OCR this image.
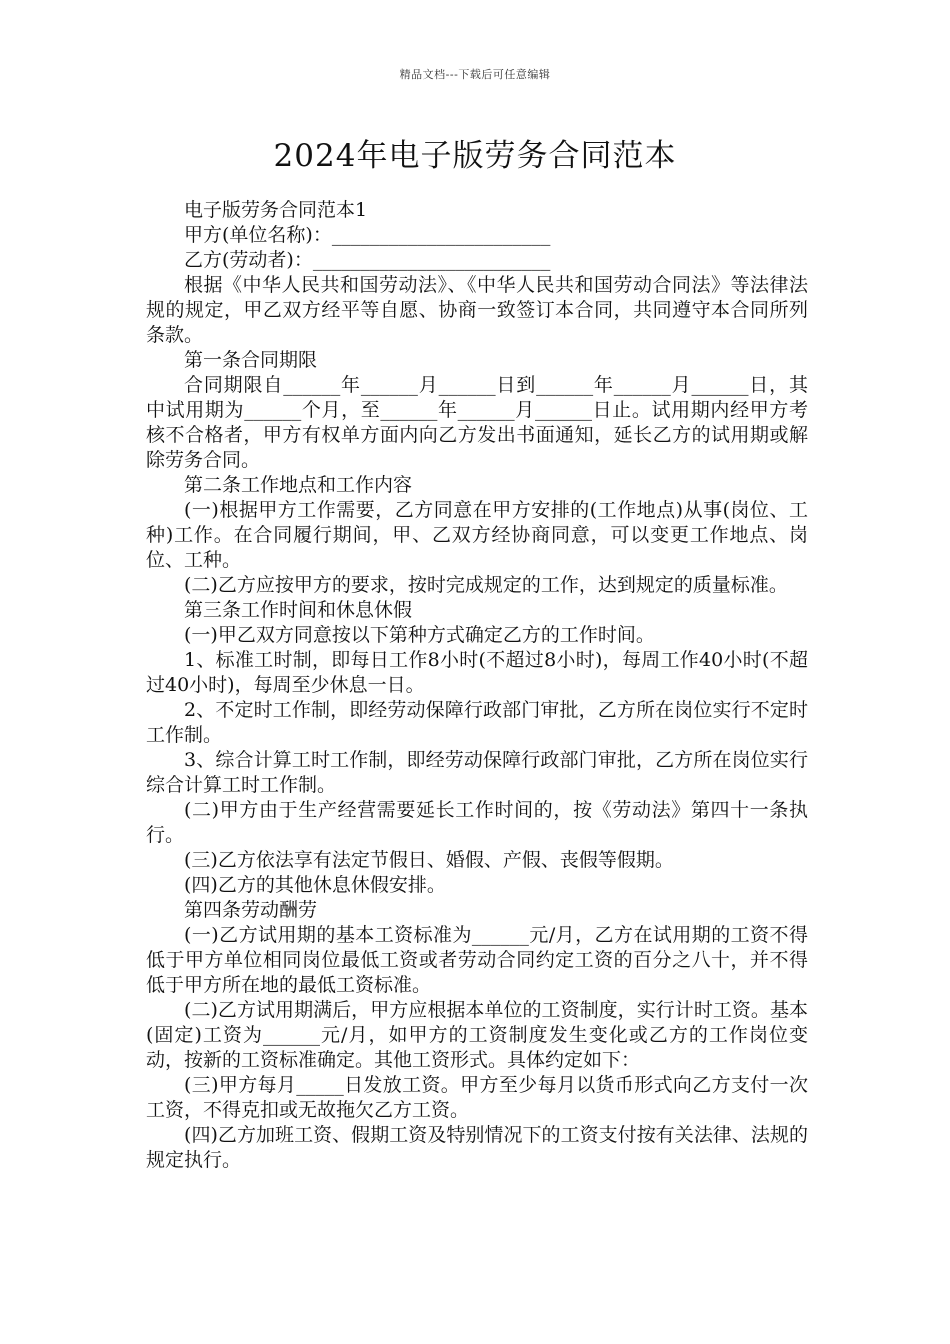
精品文档---下载后可任意编辑
2024年电子版劳务合同范本

电子版劳务合同范本1

甲方(单位名称)：_______________________

乙方(劳动者)：_________________________

根据《中华人民共和国劳动法》、《中华人民共和国劳动合同法》等法律法规的规定，甲乙双方经平等自愿、协商一致签订本合同，共同遵守本合同所列条款。

第一条合同期限

合同期限自______年______月______日到______年______月______日，其中试用期为______个月，至______年______月______日止。试用期内经甲方考核不合格者，甲方有权单方面内向乙方发出书面通知，延长乙方的试用期或解除劳务合同。

第二条工作地点和工作内容

(一)根据甲方工作需要，乙方同意在甲方安排的(工作地点)从事(岗位、工种)工作。在合同履行期间，甲、乙双方经协商同意，可以变更工作地点、岗位、工种。

(二)乙方应按甲方的要求，按时完成规定的工作，达到规定的质量标准。

第三条工作时间和休息休假

(一)甲乙双方同意按以下第种方式确定乙方的工作时间。

1、标准工时制，即每日工作8小时(不超过8小时)，每周工作40小时(不超过40小时)，每周至少休息一日。

2、不定时工作制，即经劳动保障行政部门审批，乙方所在岗位实行不定时工作制。

3、综合计算工时工作制，即经劳动保障行政部门审批，乙方所在岗位实行综合计算工时工作制。

(二)甲方由于生产经营需要延长工作时间的，按《劳动法》第四十一条执行。

(三)乙方依法享有法定节假日、婚假、产假、丧假等假期。

(四)乙方的其他休息休假安排。

第四条劳动酬劳

(一)乙方试用期的基本工资标准为______元/月，乙方在试用期的工资不得低于甲方单位相同岗位最低工资或者劳动合同约定工资的百分之八十，并不得低于甲方所在地的最低工资标准。

(二)乙方试用期满后，甲方应根据本单位的工资制度，实行计时工资。基本(固定)工资为______元/月，如甲方的工资制度发生变化或乙方的工作岗位变动，按新的工资标准确定。其他工资形式。具体约定如下：

(三)甲方每月_____日发放工资。甲方至少每月以货币形式向乙方支付一次工资，不得克扣或无故拖欠乙方工资。

(四)乙方加班工资、假期工资及特别情况下的工资支付按有关法律、法规的规定执行。
